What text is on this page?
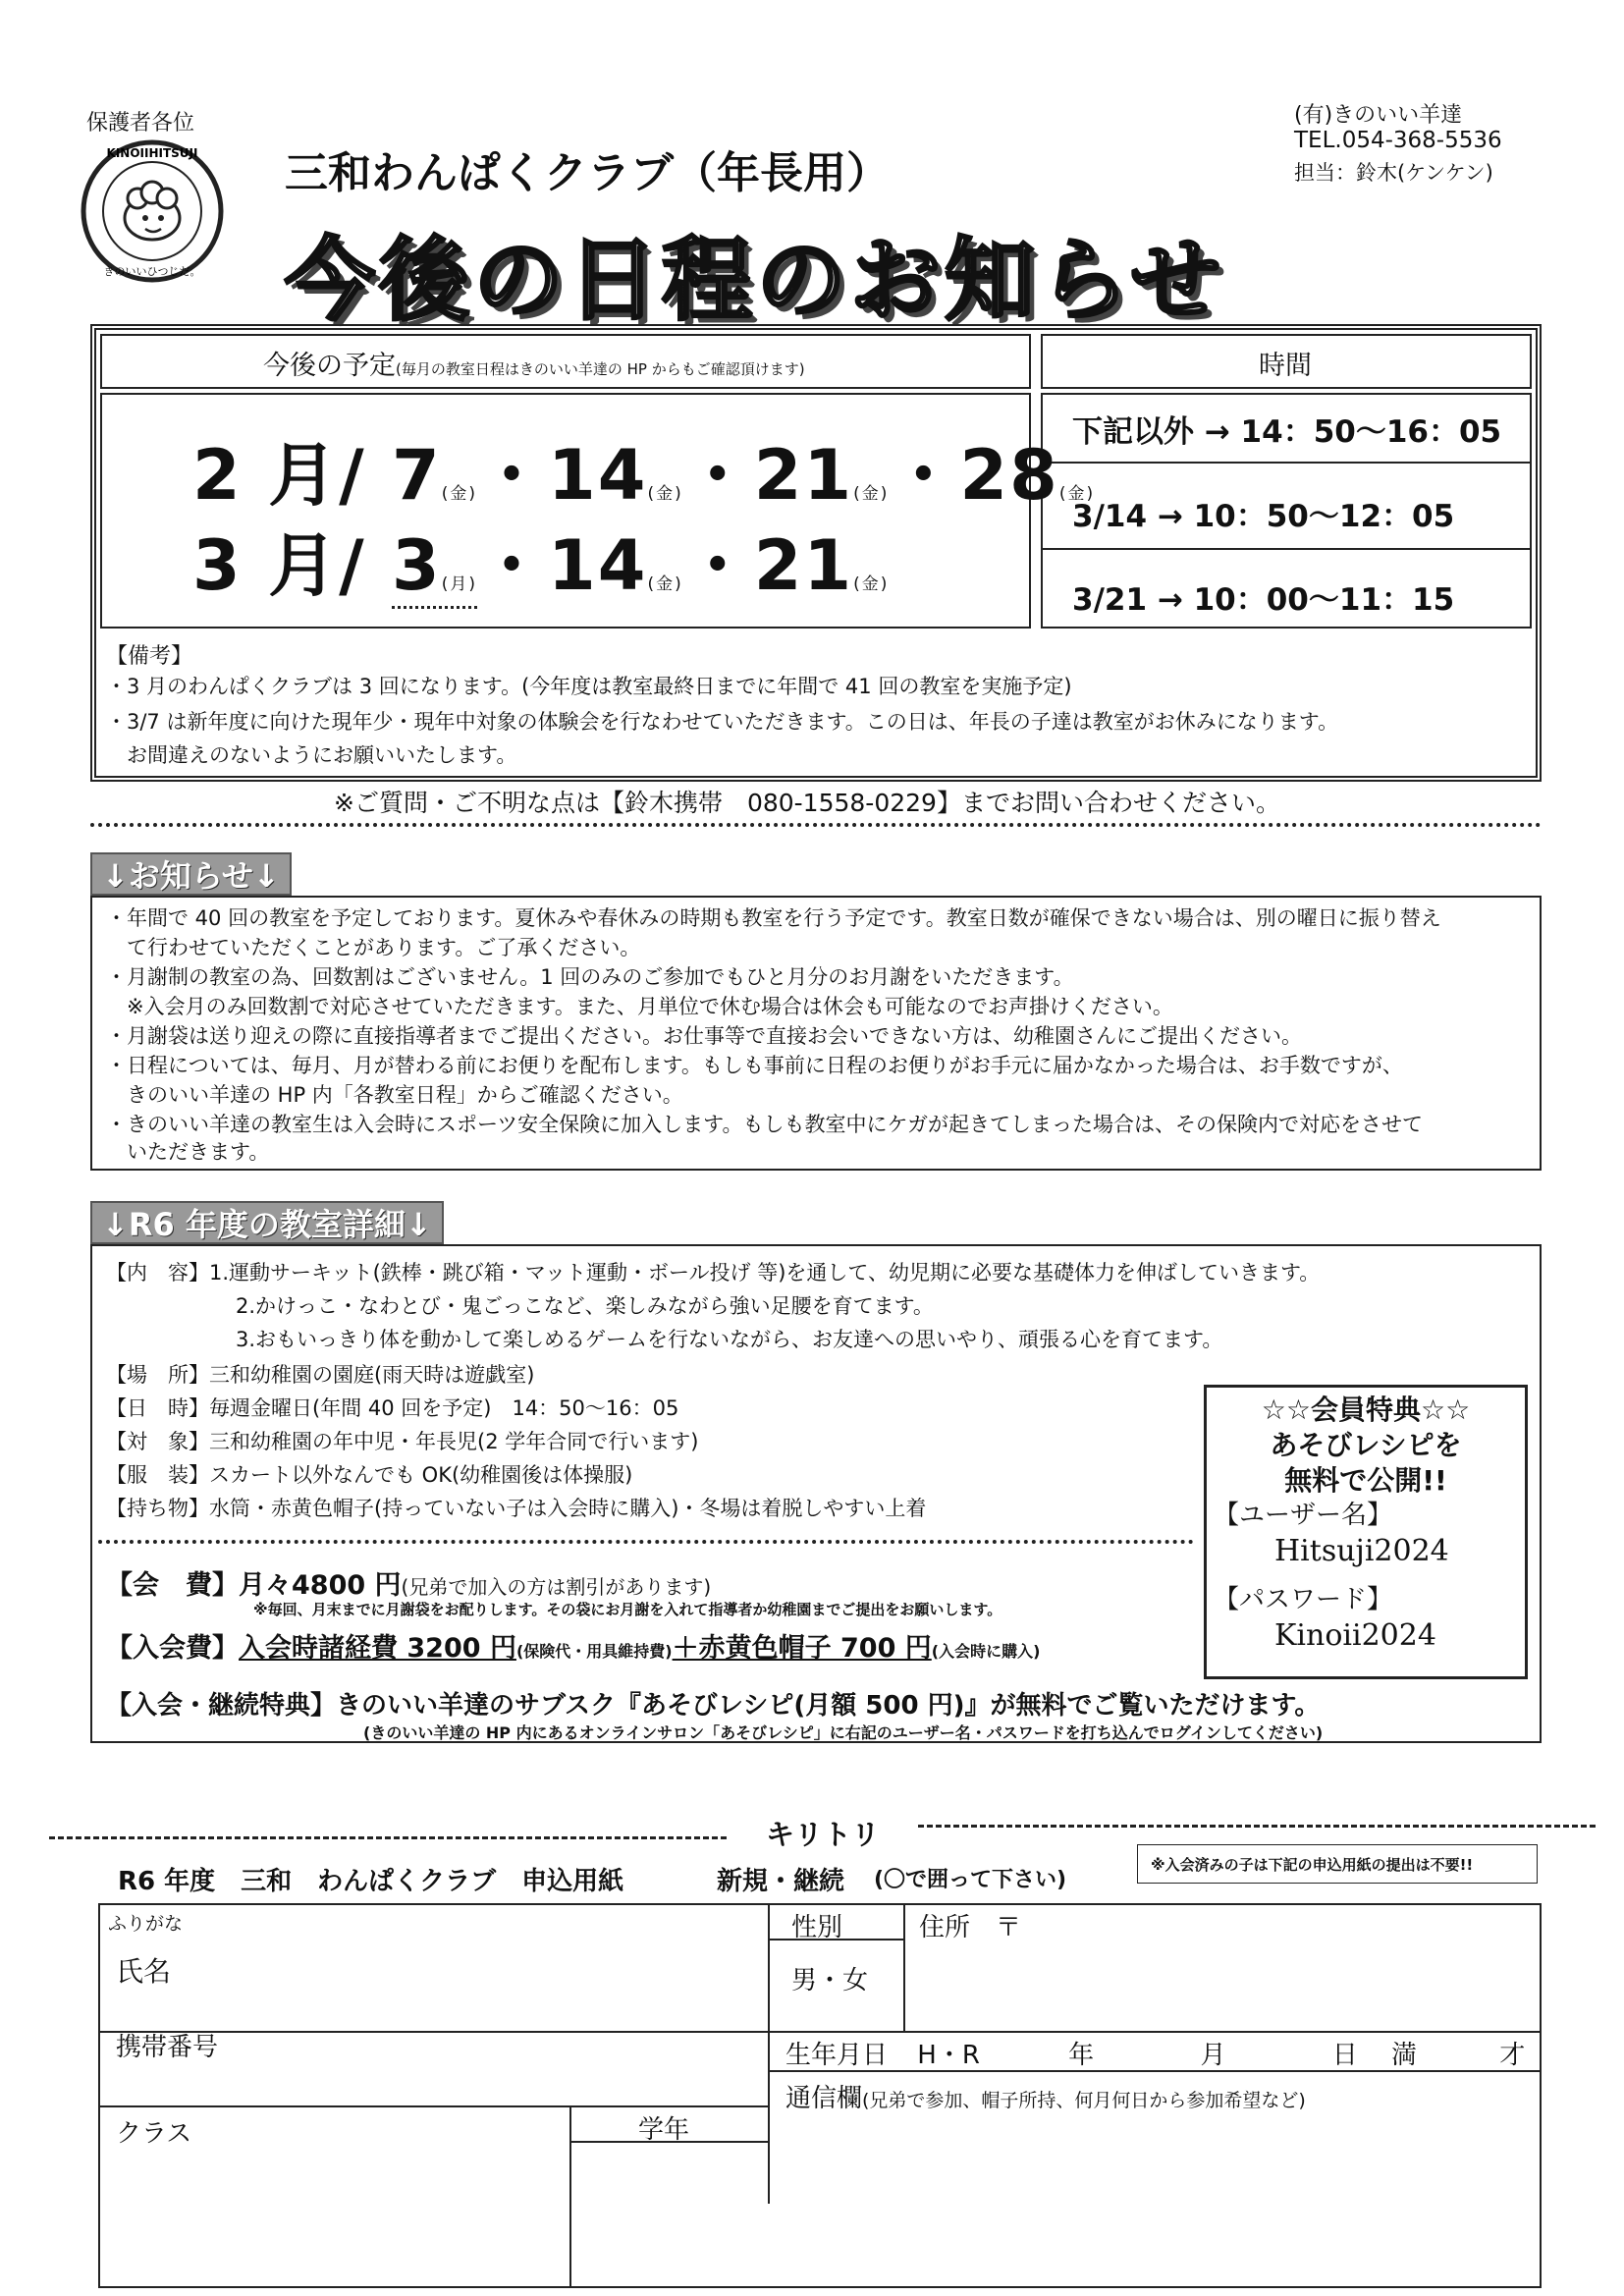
保護者各位
KINOIIHITSUJI
きのいいひつじだ。
三和わんぱくクラブ（年長用）
今後の日程のお知らせ
(有)きのいい羊達
TEL.054-368-5536
担当：鈴木(ケンケン)
今後の予定(毎月の教室日程はきのいい羊達の HP からもご確認頂けます)	時間
2 月/ 7(金)・14(金)・21(金)・28(金)
3 月/ 3(月)・14(金)・21(金)
下記以外 → 14：50〜16：05
3/14 → 10：50〜12：05
3/21 → 10：00〜11：15
【備考】
・3 月のわんぱくクラブは 3 回になります。(今年度は教室最終日までに年間で 41 回の教室を実施予定)
・3/7 は新年度に向けた現年少・現年中対象の体験会を行なわせていただきます。この日は、年長の子達は教室がお休みになります。
　お間違えのないようにお願いいたします。
※ご質問・ご不明な点は【鈴木携帯　080-1558-0229】までお問い合わせください。
↓お知らせ↓
・年間で 40 回の教室を予定しております。夏休みや春休みの時期も教室を行う予定です。教室日数が確保できない場合は、別の曜日に振り替え
　て行わせていただくことがあります。ご了承ください。
・月謝制の教室の為、回数割はございません。1 回のみのご参加でもひと月分のお月謝をいただきます。
　※入会月のみ回数割で対応させていただきます。また、月単位で休む場合は休会も可能なのでお声掛けください。
・月謝袋は送り迎えの際に直接指導者までご提出ください。お仕事等で直接お会いできない方は、幼稚園さんにご提出ください。
・日程については、毎月、月が替わる前にお便りを配布します。もしも事前に日程のお便りがお手元に届かなかった場合は、お手数ですが、
　きのいい羊達の HP 内「各教室日程」からご確認ください。
・きのいい羊達の教室生は入会時にスポーツ安全保険に加入します。もしも教室中にケガが起きてしまった場合は、その保険内で対応をさせて
　いただきます。
↓R6 年度の教室詳細↓
【内　容】1.運動サーキット(鉄棒・跳び箱・マット運動・ボール投げ 等)を通して、幼児期に必要な基礎体力を伸ばしていきます。
2.かけっこ・なわとび・鬼ごっこなど、楽しみながら強い足腰を育てます。
3.おもいっきり体を動かして楽しめるゲームを行ないながら、お友達への思いやり、頑張る心を育てます。
【場　所】三和幼稚園の園庭(雨天時は遊戯室)
【日　時】毎週金曜日(年間 40 回を予定)　14：50〜16：05
【対　象】三和幼稚園の年中児・年長児(2 学年合同で行います)
【服　装】スカート以外なんでも OK(幼稚園後は体操服)
【持ち物】水筒・赤黄色帽子(持っていない子は入会時に購入)・冬場は着脱しやすい上着
【会　費】月々4800 円(兄弟で加入の方は割引があります)
※毎回、月末までに月謝袋をお配りします。その袋にお月謝を入れて指導者か幼稚園までご提出をお願いします。
【入会費】入会時諸経費 3200 円(保険代・用具維持費)＋赤黄色帽子 700 円(入会時に購入)
【入会・継続特典】きのいい羊達のサブスク『あそびレシピ(月額 500 円)』が無料でご覧いただけます。
(きのいい羊達の HP 内にあるオンラインサロン「あそびレシピ」に右記のユーザー名・パスワードを打ち込んでログインしてください)
☆☆会員特典☆☆
あそびレシピを
無料で公開!!
【ユーザー名】
Hitsuji2024
【パスワード】
Kinoii2024
キリトリ
R6 年度　三和　わんぱくクラブ　申込用紙	新規・継続 (〇で囲って下さい)
※入会済みの子は下記の申込用紙の提出は不要!!
ふりがな
氏名
性別
男・女
住所　〒
携帯番号	生年月日 H・R	年	月	日 満	才
通信欄(兄弟で参加、帽子所持、何月何日から参加希望など)
クラス	学年
